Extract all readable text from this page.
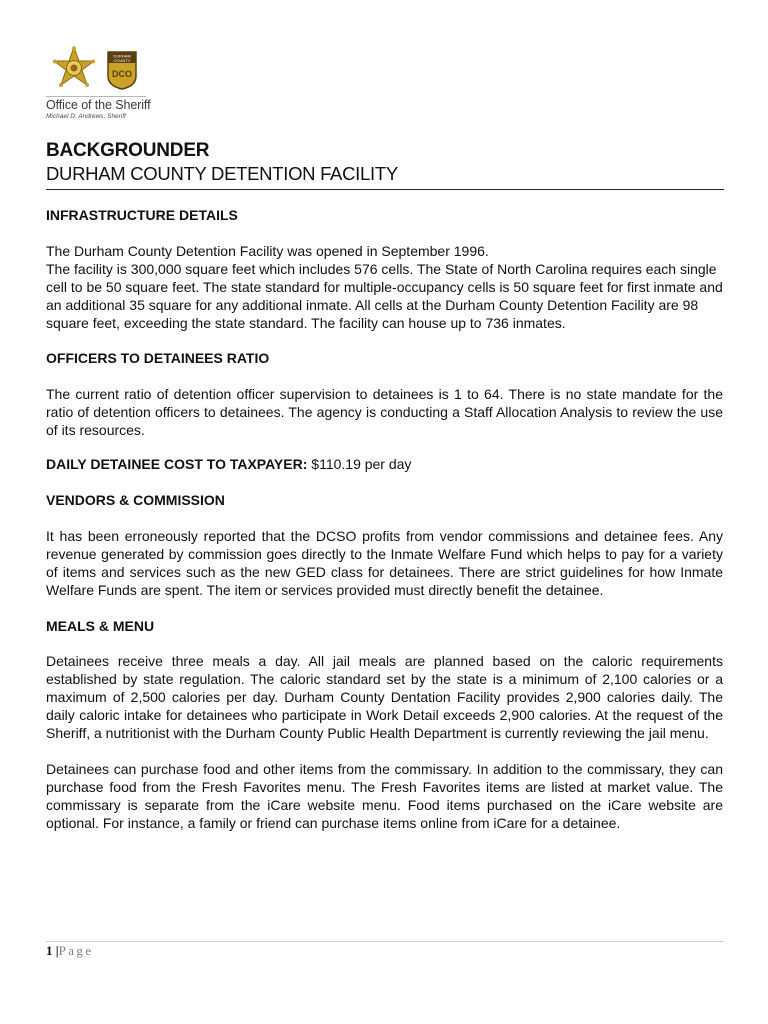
DURHAM
COUNTY
DCO
Office of the Sheriff
Michael D. Andrews, Sheriff
BACKGROUNDER
DURHAM COUNTY DETENTION FACILITY
INFRASTRUCTURE DETAILS

The Durham County Detention Facility was opened in September 1996.

The facility is 300,000 square feet which includes 576 cells. The State of North Carolina requires each single cell to be 50 square feet. The state standard for multiple-occupancy cells is 50 square feet for first inmate and an additional 35 square for any additional inmate. All cells at the Durham County Detention Facility are 98 square feet, exceeding the state standard. The facility can house up to 736 inmates.

OFFICERS TO DETAINEES RATIO

The current ratio of detention officer supervision to detainees is 1 to 64. There is no state mandate for the ratio of detention officers to detainees. The agency is conducting a Staff Allocation Analysis to review the use of its resources.

DAILY DETAINEE COST TO TAXPAYER: $110.19 per day

VENDORS & COMMISSION

It has been erroneously reported that the DCSO profits from vendor commissions and detainee fees. Any revenue generated by commission goes directly to the Inmate Welfare Fund which helps to pay for a variety of items and services such as the new GED class for detainees. There are strict guidelines for how Inmate Welfare Funds are spent. The item or services provided must directly benefit the detainee.

MEALS & MENU

Detainees receive three meals a day. All jail meals are planned based on the caloric requirements established by state regulation. The caloric standard set by the state is a minimum of 2,100 calories or a maximum of 2,500 calories per day. Durham County Dentation Facility provides 2,900 calories daily. The daily caloric intake for detainees who participate in Work Detail exceeds 2,900 calories. At the request of the Sheriff, a nutritionist with the Durham County Public Health Department is currently reviewing the jail menu.

Detainees can purchase food and other items from the commissary. In addition to the commissary, they can purchase food from the Fresh Favorites menu. The Fresh Favorites items are listed at market value. The commissary is separate from the iCare website menu. Food items purchased on the iCare website are optional. For instance, a family or friend can purchase items online from iCare for a detainee.

1 |Page
